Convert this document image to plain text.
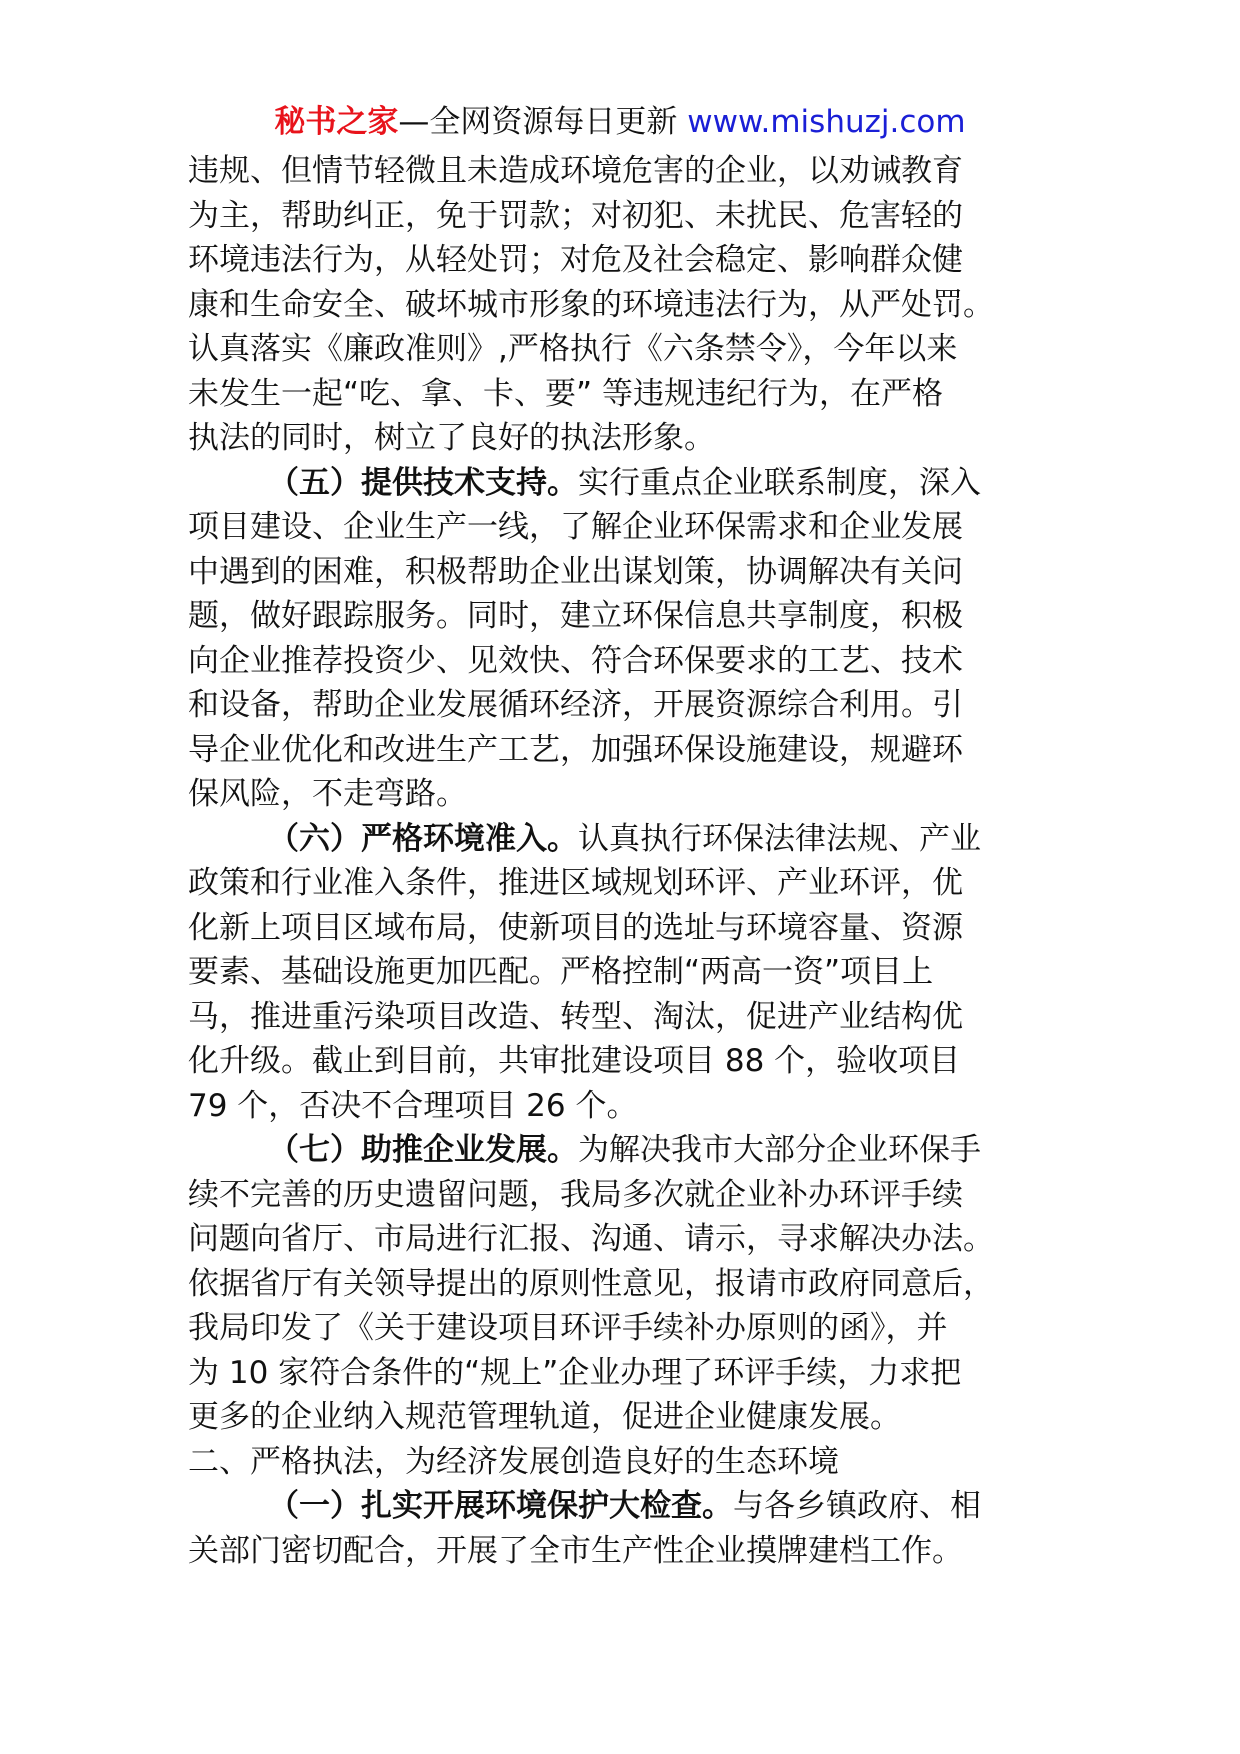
秘书之家—全网资源每日更新 www.mishuzj.com
违规、但情节轻微且未造成环境危害的企业，以劝诫教育
为主，帮助纠正，免于罚款；对初犯、未扰民、危害轻的
环境违法行为，从轻处罚；对危及社会稳定、影响群众健
康和生命安全、破坏城市形象的环境违法行为，从严处罚。
认真落实《廉政准则》,严格执行《六条禁令》，今年以来
未发生一起“吃、拿、卡、要” 等违规违纪行为，在严格
执法的同时，树立了良好的执法形象。
（五）提供技术支持。实行重点企业联系制度，深入
项目建设、企业生产一线，了解企业环保需求和企业发展
中遇到的困难，积极帮助企业出谋划策，协调解决有关问
题，做好跟踪服务。同时，建立环保信息共享制度，积极
向企业推荐投资少、见效快、符合环保要求的工艺、技术
和设备，帮助企业发展循环经济，开展资源综合利用。引
导企业优化和改进生产工艺，加强环保设施建设，规避环
保风险，不走弯路。
（六）严格环境准入。认真执行环保法律法规、产业
政策和行业准入条件，推进区域规划环评、产业环评，优
化新上项目区域布局，使新项目的选址与环境容量、资源
要素、基础设施更加匹配。严格控制“两高一资”项目上
马，推进重污染项目改造、转型、淘汰，促进产业结构优
化升级。截止到目前，共审批建设项目 88 个，验收项目
79 个，否决不合理项目 26 个。
（七）助推企业发展。为解决我市大部分企业环保手
续不完善的历史遗留问题，我局多次就企业补办环评手续
问题向省厅、市局进行汇报、沟通、请示，寻求解决办法。
依据省厅有关领导提出的原则性意见，报请市政府同意后，
我局印发了《关于建设项目环评手续补办原则的函》，并
为 10 家符合条件的“规上”企业办理了环评手续，力求把
更多的企业纳入规范管理轨道，促进企业健康发展。
二、严格执法，为经济发展创造良好的生态环境
（一）扎实开展环境保护大检查。与各乡镇政府、相
关部门密切配合，开展了全市生产性企业摸牌建档工作。
